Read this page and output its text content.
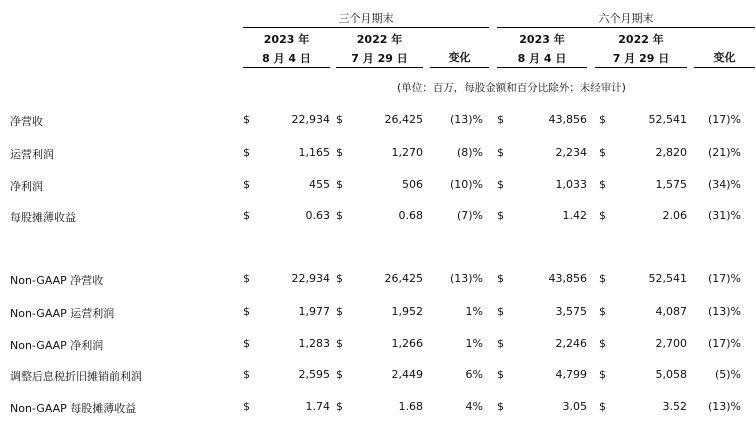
三个月期末	六个月期末
2023 年	2022 年	2023 年	2022 年
8 月 4 日	7 月 29 日	8 月 4 日	7 月 29 日
变化	变化
(单位：百万，每股金额和百分比除外；未经审计)
净营收	$	22,934 $	26,425	(13)% $	43,856 $	52,541	(17)%
运营利润	$	1,165 $	1,270	(8)% $	2,234 $	2,820	(21)%
净利润	$	455 $	506	(10)% $	1,033 $	1,575	(34)%
每股摊薄收益	$	0.63 $	0.68	(7)% $	1.42 $	2.06	(31)%
Non-GAAP 净营收	$	22,934 $	26,425	(13)% $	43,856 $	52,541	(17)%
Non-GAAP 运营利润	$	1,977 $	1,952	1% $	3,575 $	4,087	(13)%
Non-GAAP 净利润	$	1,283 $	1,266	1% $	2,246 $	2,700	(17)%
调整后息税折旧摊销前利润	$	2,595 $	2,449	6% $	4,799 $	5,058	(5)%
Non-GAAP 每股摊薄收益	$	1.74 $	1.68	4% $	3.05 $	3.52	(13)%
